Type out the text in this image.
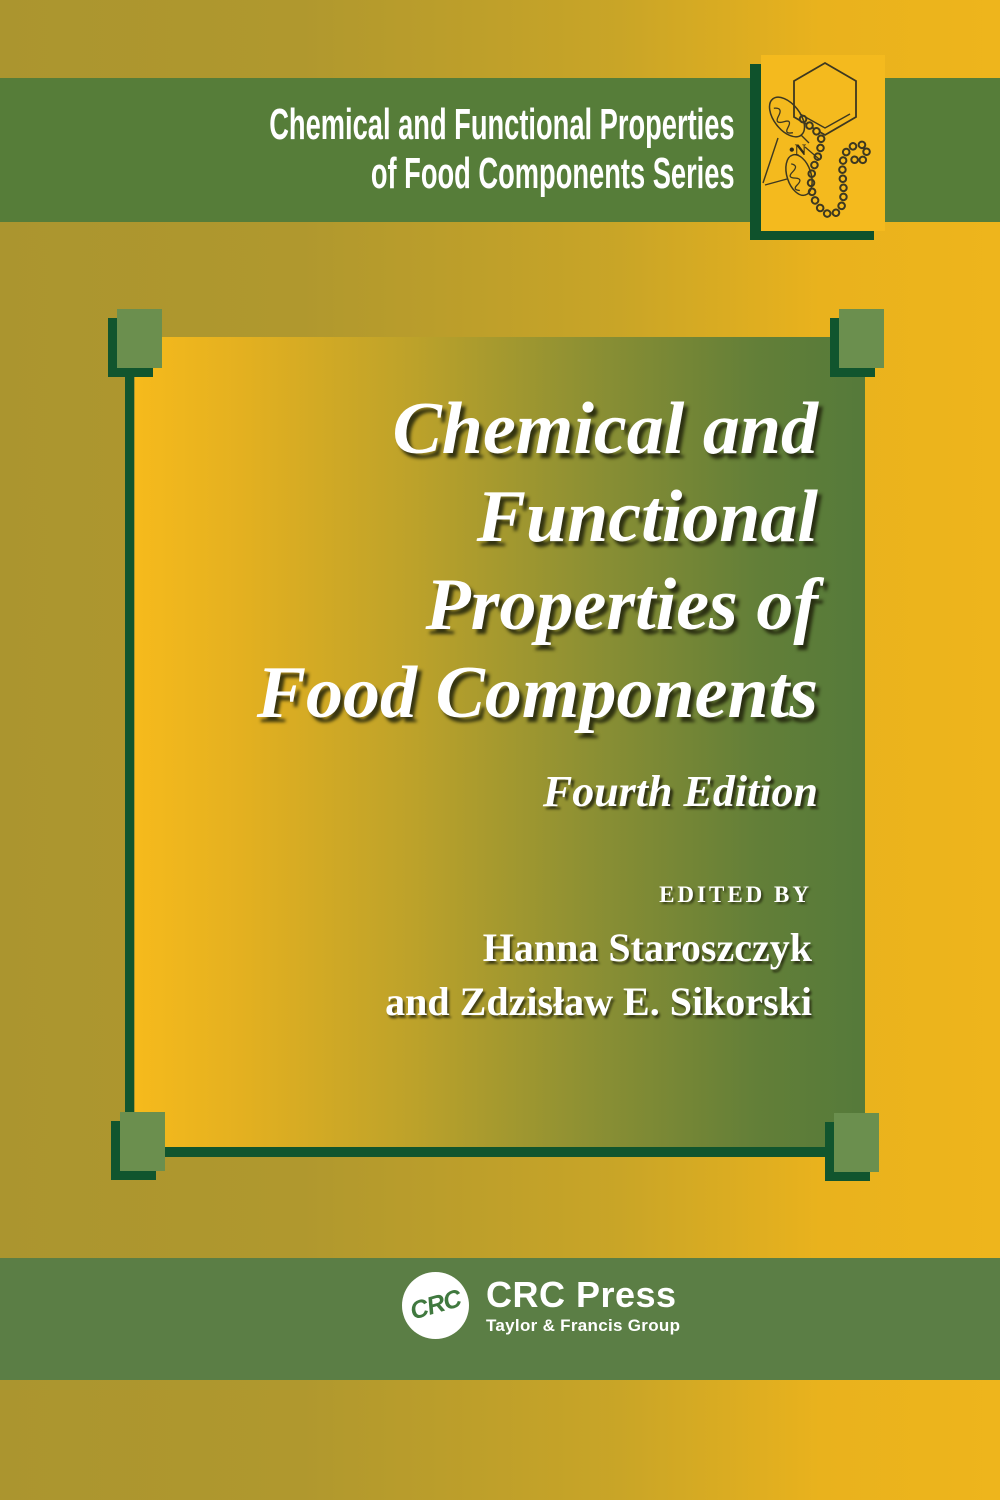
Chemical and Functional Properties
of Food Components Series	•N
Chemical and
Functional
Properties of
Food Components
Fourth Edition
EDITED BY
Hanna Staroszczyk
and Zdzisław E. Sikorski
CRC CRC Press
Taylor & Francis Group
